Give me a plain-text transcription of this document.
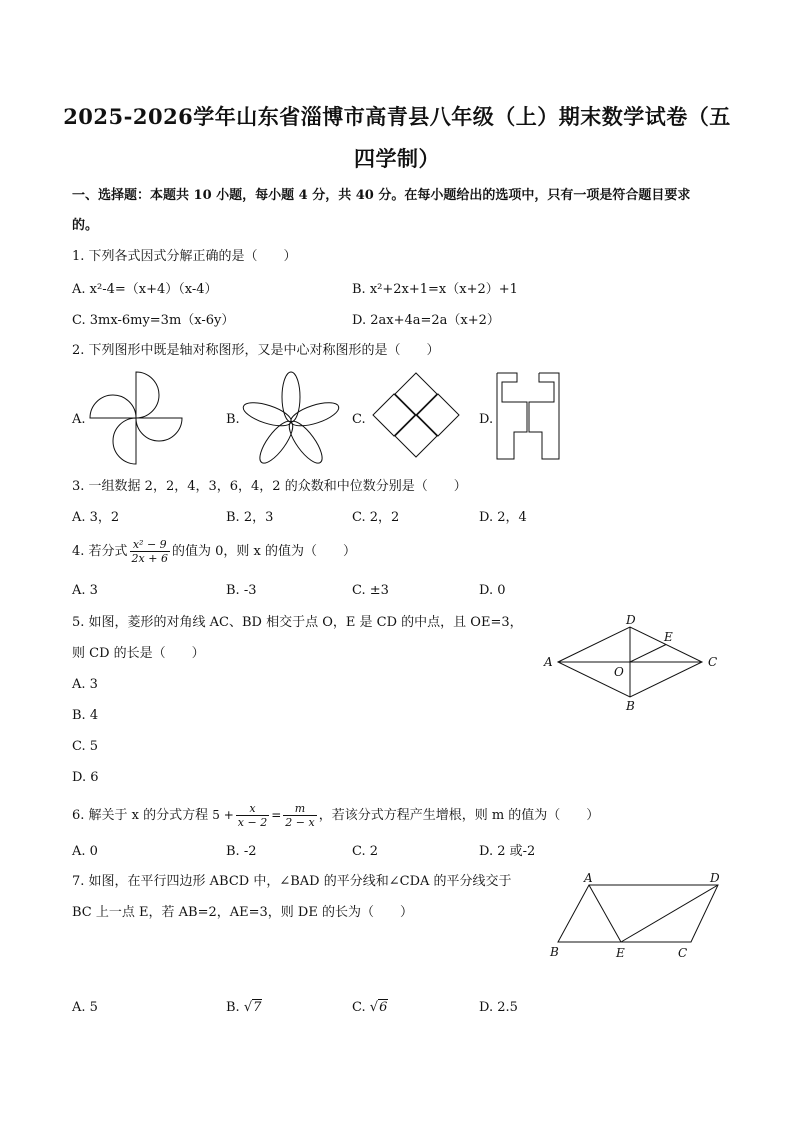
2025-2026学年山东省淄博市高青县八年级（上）期末数学试卷（五
四学制）
一、选择题：本题共 10 小题，每小题 4 分，共 40 分。在每小题给出的选项中，只有一项是符合题目要求
的。
1. 下列各式因式分解正确的是（　　）
A. x²-4=（x+4）（x-4）	B. x²+2x+1=x（x+2）+1
C. 3mx-6my=3m（x-6y）	D. 2ax+4a=2a（x+2）
2. 下列图形中既是轴对称图形，又是中心对称图形的是（　　）
A.	B.	C.	D.
3. 一组数据 2，2，4，3，6，4，2 的众数和中位数分别是（　　）
A. 3，2	B. 2，3	C. 2，2	D. 2，4
4. 若分式 $\frac{\text{x² − 9}}{2x + 6}$ 的值为 0，则 x 的值为（　　）
A. 3	B. -3	C. ±3	D. 0
5. 如图，菱形的对角线 AC、BD 相交于点 O，E 是 CD 的中点，且 OE=3，
则 CD 的长是（　　）
A. 3
B. 4
C. 5
D. 6
A
D
E
C
O
B
6. 解关于 x 的分式方程 $5 + \frac{x}{x - 2} = \frac{m}{2 - x}$ ，若该分式方程产生增根，则 m 的值为（　　）
A. 0	B. -2	C. 2	D. 2 或-2
7. 如图，在平行四边形 ABCD 中，∠BAD 的平分线和∠CDA 的平分线交于
BC 上一点 E，若 AB=2，AE=3，则 DE 的长为（　　）
A	D
B	E	C
A. 5	B. √7	C. √6	D. 2.5
